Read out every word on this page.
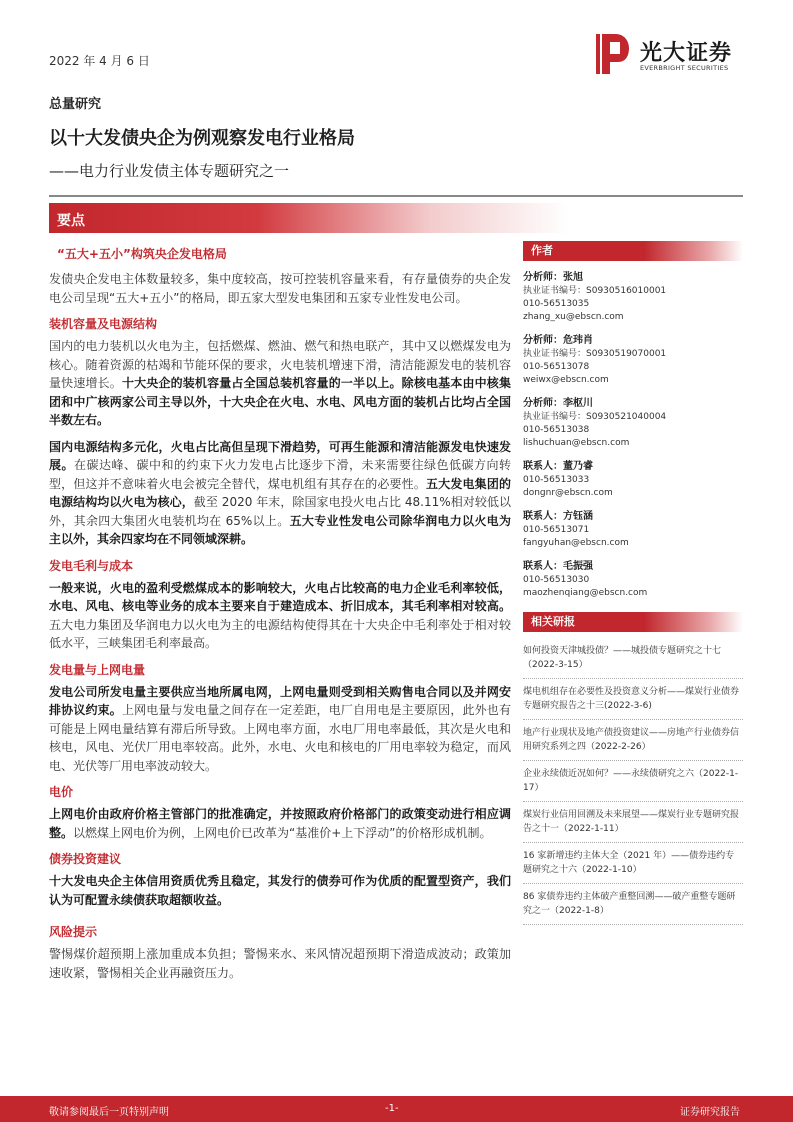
2022 年 4 月 6 日	光大证券
EVERBRIGHT SECURITIES
总量研究
以十大发债央企为例观察发电行业格局
——电力行业发债主体专题研究之一
要点
“五大+五小”构筑央企发电格局

发债央企发电主体数量较多，集中度较高，按可控装机容量来看，有存量债券的央企发电公司呈现“五大+五小”的格局，即五家大型发电集团和五家专业性发电公司。

装机容量及电源结构

国内的电力装机以火电为主，包括燃煤、燃油、燃气和热电联产，其中又以燃煤发电为核心。随着资源的枯竭和节能环保的要求，火电装机增速下滑，清洁能源发电的装机容量快速增长。十大央企的装机容量占全国总装机容量的一半以上。除核电基本由中核集团和中广核两家公司主导以外，十大央企在火电、水电、风电方面的装机占比均占全国半数左右。

国内电源结构多元化，火电占比高但呈现下滑趋势，可再生能源和清洁能源发电快速发展。在碳达峰、碳中和的约束下火力发电占比逐步下滑，未来需要往绿色低碳方向转型，但这并不意味着火电会被完全替代，煤电机组有其存在的必要性。五大发电集团的电源结构均以火电为核心，截至 2020 年末，除国家电投火电占比 48.11%相对较低以外，其余四大集团火电装机均在 65%以上。五大专业性发电公司除华润电力以火电为主以外，其余四家均在不同领域深耕。

发电毛利与成本

一般来说，火电的盈利受燃煤成本的影响较大，火电占比较高的电力企业毛利率较低，水电、风电、核电等业务的成本主要来自于建造成本、折旧成本，其毛利率相对较高。五大电力集团及华润电力以火电为主的电源结构使得其在十大央企中毛利率处于相对较低水平，三峡集团毛利率最高。

发电量与上网电量

发电公司所发电量主要供应当地所属电网，上网电量则受到相关购售电合同以及并网安排协议约束。上网电量与发电量之间存在一定差距，电厂自用电是主要原因，此外也有可能是上网电量结算有滞后所导致。上网电率方面，水电厂用电率最低，其次是火电和核电，风电、光伏厂用电率较高。此外，水电、火电和核电的厂用电率较为稳定，而风电、光伏等厂用电率波动较大。

电价

上网电价由政府价格主管部门的批准确定，并按照政府价格部门的政策变动进行相应调整。以燃煤上网电价为例，上网电价已改革为“基准价+上下浮动”的价格形成机制。

债券投资建议

十大发电央企主体信用资质优秀且稳定，其发行的债券可作为优质的配置型资产，我们认为可配置永续债获取超额收益。

风险提示

警惕煤价超预期上涨加重成本负担；警惕来水、来风情况超预期下滑造成波动；政策加速收紧，警惕相关企业再融资压力。

作者
分析师：张旭
执业证书编号：S0930516010001
010-56513035
zhang_xu@ebscn.com
分析师：危玮肖
执业证书编号：S0930519070001
010-56513078
weiwx@ebscn.com
分析师：李枢川
执业证书编号：S0930521040004
010-56513038
lishuchuan@ebscn.com
联系人：董乃睿
010-56513033
dongnr@ebscn.com
联系人：方钰涵
010-56513071
fangyuhan@ebscn.com
联系人：毛振强
010-56513030
maozhenqiang@ebscn.com
相关研报
如何投资天津城投债？——城投债专题研究之十七（2022-3-15）
煤电机组存在必要性及投资意义分析——煤炭行业债券专题研究报告之十三(2022-3-6)
地产行业现状及地产债投资建议——房地产行业债券信用研究系列之四（2022-2-26）
企业永续债近况如何？——永续债研究之六（2022-1-17）
煤炭行业信用回溯及未来展望——煤炭行业专题研究报告之十一（2022-1-11）
16 家新增违约主体大全（2021 年）——债券违约专题研究之十六（2022-1-10）
86 家债券违约主体破产重整回溯——破产重整专题研究之一（2022-1-8）
敬请参阅最后一页特别声明	-1-	证券研究报告
